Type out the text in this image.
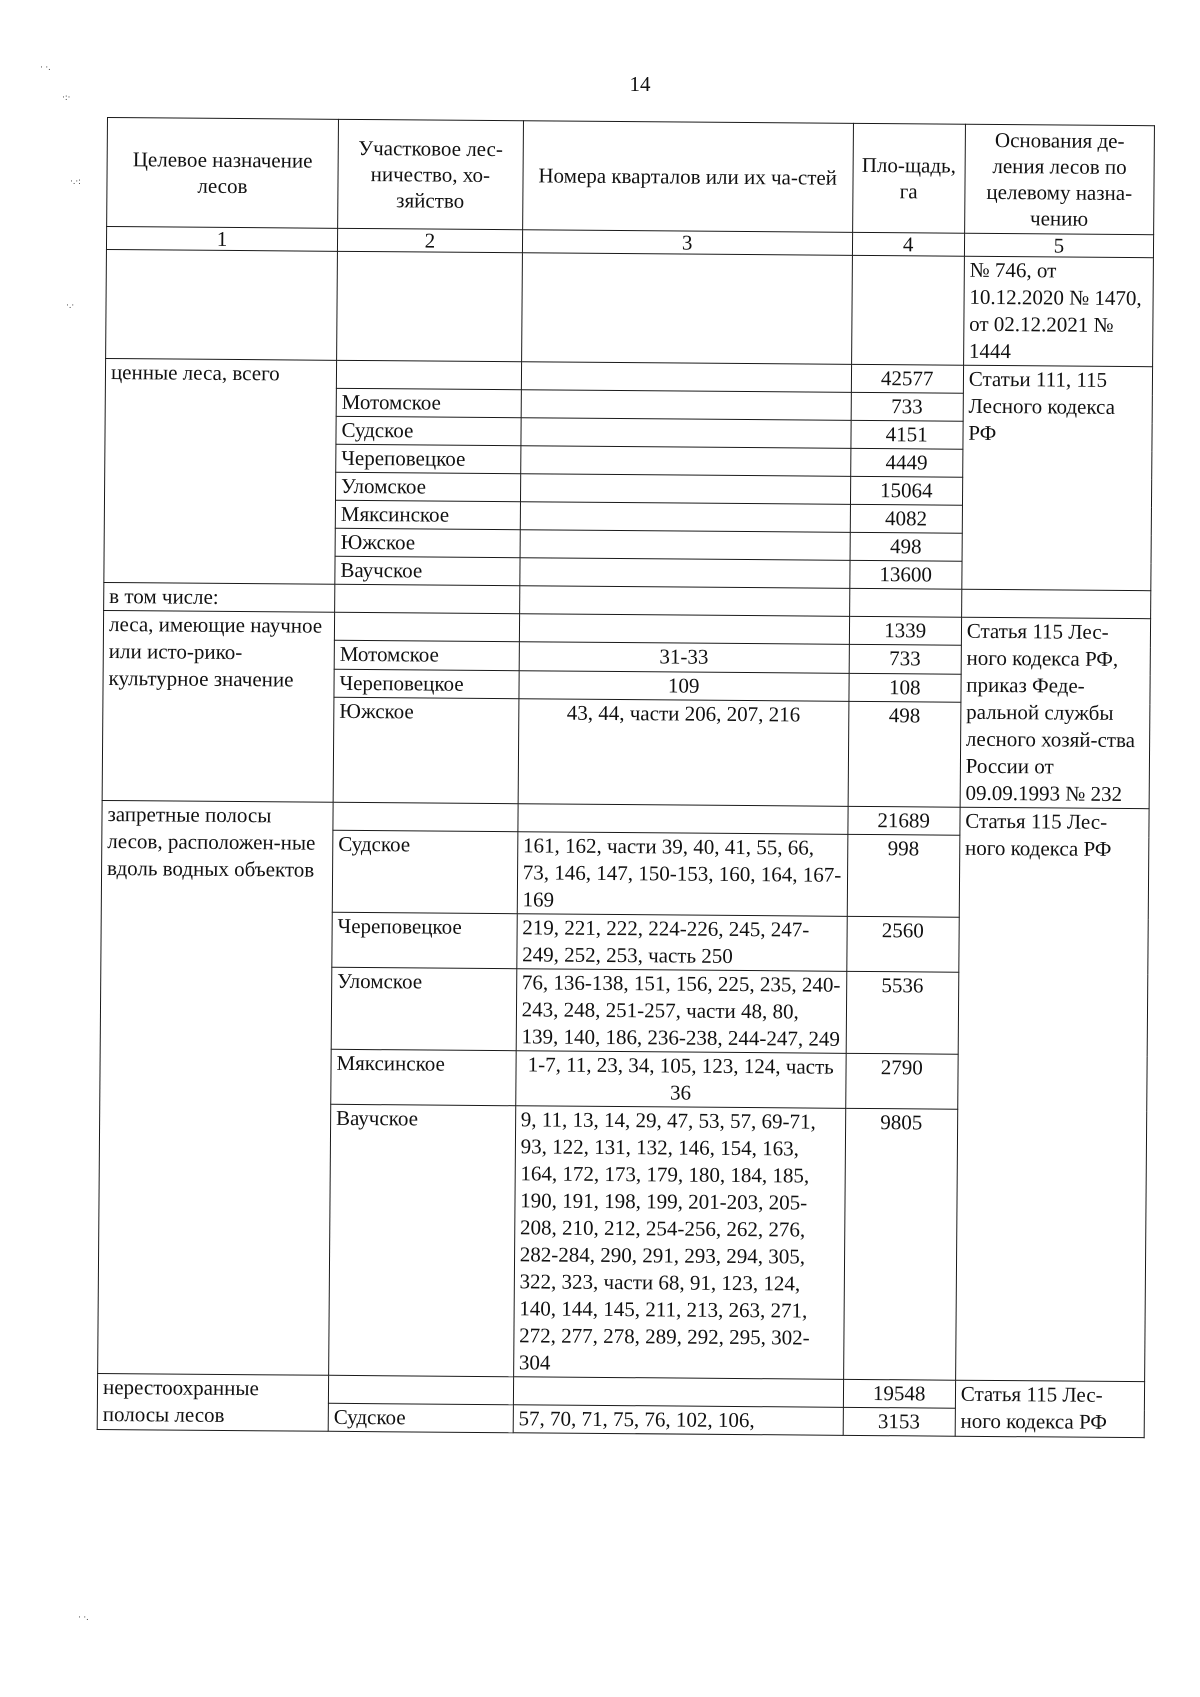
14
· ·.
·:·
·.·:
·.·
· ·.
Целевое назначение лесов	Участковое лес-ничество, хо-зяйство	Номера кварталов или их ча-стей	Пло-щадь, га	Основания де-ления лесов по целевому назна-чению
1	2	3	4	5
				№ 746, от 10.12.2020 № 1470, от 02.12.2021 № 1444
ценные леса, всего			42577	Статьи 111, 115 Лесного кодекса РФ
	Мотомское		733	
	Судское		4151	
	Череповецкое		4449	
	Уломское		15064	
	Мяксинское		4082	
	Южское		498	
	Ваучское		13600	
в том числе:				
леса, имеющие научное или исто-рико-культурное значение			1339	Статья 115 Лес-ного кодекса РФ, приказ Феде-ральной службы лесного хозяй-ства России от 09.09.1993 № 232
	Мотомское	31-33	733	
	Череповецкое	109	108	
	Южское	43, 44, части 206, 207, 216	498	
запретные полосы лесов, расположен-ные вдоль водных объектов			21689	Статья 115 Лес-ного кодекса РФ
	Судское	161, 162, части 39, 40, 41, 55, 66, 73, 146, 147, 150-153, 160, 164, 167-169	998	
	Череповецкое	219, 221, 222, 224-226, 245, 247-249, 252, 253, часть 250	2560	
	Уломское	76, 136-138, 151, 156, 225, 235, 240-243, 248, 251-257, части 48, 80, 139, 140, 186, 236-238, 244-247, 249	5536	
	Мяксинское	1-7, 11, 23, 34, 105, 123, 124, часть 36	2790	
	Ваучское	9, 11, 13, 14, 29, 47, 53, 57, 69-71, 93, 122, 131, 132, 146, 154, 163, 164, 172, 173, 179, 180, 184, 185, 190, 191, 198, 199, 201-203, 205-208, 210, 212, 254-256, 262, 276, 282-284, 290, 291, 293, 294, 305, 322, 323, части 68, 91, 123, 124, 140, 144, 145, 211, 213, 263, 271, 272, 277, 278, 289, 292, 295, 302-304	9805	
нерестоохранные полосы лесов			19548	Статья 115 Лес-ного кодекса РФ
	Судское	57, 70, 71, 75, 76, 102, 106,	3153	
